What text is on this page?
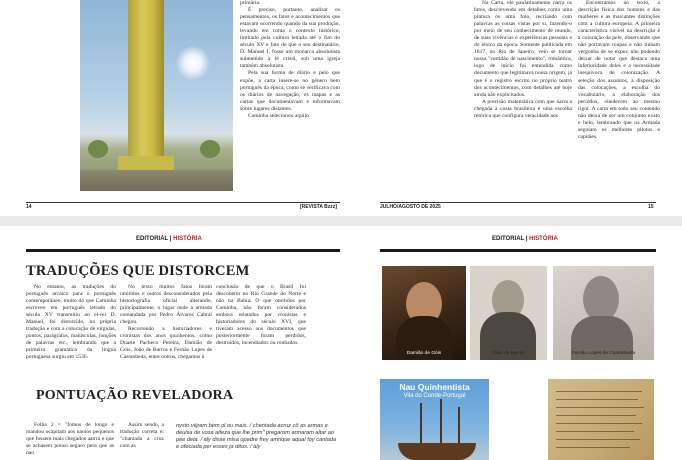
primária.

É preciso, portanto, analisar os pensamentos, os fatos e acontecimentos que estavam ocorrendo quando da sua produção, levando em conta o contexto histórico, limitado pela cultura letrada até o fim do século XV e fato de que o seu destinatário, D. Manuel I, fosse um monarca absolutista submetido à fé cristã, sob uma igreja também absolutista.

Pela sua forma de diário e pelo que expõe, a carta insere-se no gênero bem português da época, como se verificava com os diários de navegação, os mapas e as cartas que documentavam e informavam sobre lugares distantes.

Caminha selecionou aquilo

Na Carta, ele paulatinamente narra os fatos, descrevendo em detalhes como uma pintura os uma foto, recriando com palavras as coisas vistas por si, fazendo-o por meio de seu conhecimento de mundo, de suas vivências e experiências pessoais e do léxico da época. Somente publicada em 1817, no Rio de Janeiro, veio se tornar nossa "certidão de nascimento", romântica, logo de início foi entendida como documento que legitimava nossa origem, já que é o registro escrito no próprio teatro dos acontecimentos, com detalhes até hoje ainda não explicitados.

A precisão matemática com que narra a chegada à costa brasileira é uma escolha retórica que configura veracidade aos

Encontramos no texto, a descrição física dos homens e das mulheres e as marcantes distinções com a cultura europeia. A primeira característica visível na descrição é a coloração da pele, observando que não portavam roupas e não tinham vergonha de se expor, não podendo deixar de notar que destaca uma inferioridade deles e a necessidade inequívoca de colonização. A seleção dos assuntos, a disposição das colocações, a escolha do vocabulário, a elaboração dos períodos, obedecem ao mesmo rigor. A carta em todo seu conteúdo não deixa de ser um conjunto exato e belo, lembrando que na Armada seguiam os melhores pilotos e capitães.

14	[REVISTA Bzzz]	JULHO/AGOSTO DE 2025	15
EDITORIAL | HISTÓRIA	EDITORIAL | HISTÓRIA
TRADUÇÕES QUE DISTORCEM

No entanto, as traduções do português arcaico para o português contemporâneo, muito do que Caminha escreveu em português letrado do século XV transmitiu ao el-rei D. Manuel, foi distorcido, na própria tradução e com a colocação de vírgulas, pontos, parágrafos, maiúsculas, junções de palavras etc., lembrando que a primeira gramática da língua portuguesa surgiu em 1536.

No texto muitos fatos foram omitidos e outros desconsiderados pela historiografia oficial alterando, principalmente, o lugar onde a armada comandada por Pedro Álvares Cabral chegou.

Recorrendo a historiadores e cronistas dos anos quinhentos, como Duarte Pacheco Pereira, Damião de Góis, João de Barros e Fernão Lopes de Castanheda, entre outros, chegamos à

conclusão de que o Brasil foi descoberto no Rio Grande do Norte e não na Bahia. O que omitidos por Caminha, não foram considerados embora relatados por cronistas e historiadores do século XVI, que tiveram acesso aos documentos que posteriormente foram perdidos, destruídos, incendiados ou roubados.

PONTUAÇÃO REVELADORA

Folha 2 = "fomos de longo e mandou ocapitam aos nauios pequenos que fossem mais chegados aatrra e que se achasem pouso seguro pera que as nao

Assim sendo, a tradução correta é: "chantada a cruz com as

Damião de Góis	João de Barros	Fernão Lopes de Castanheda
Nau Quinhentista
Vila do Conde-Portugal
nysto viijram bem ol ou mais. / chentada acruz cõ as armas e deuisa de vosa alteza que lhe prim" pregarom armaram altar ao pee dela. / aly disse misa opadre frey amrique aqual foy cantada e ofeciada per esses ja ditos. / aly
